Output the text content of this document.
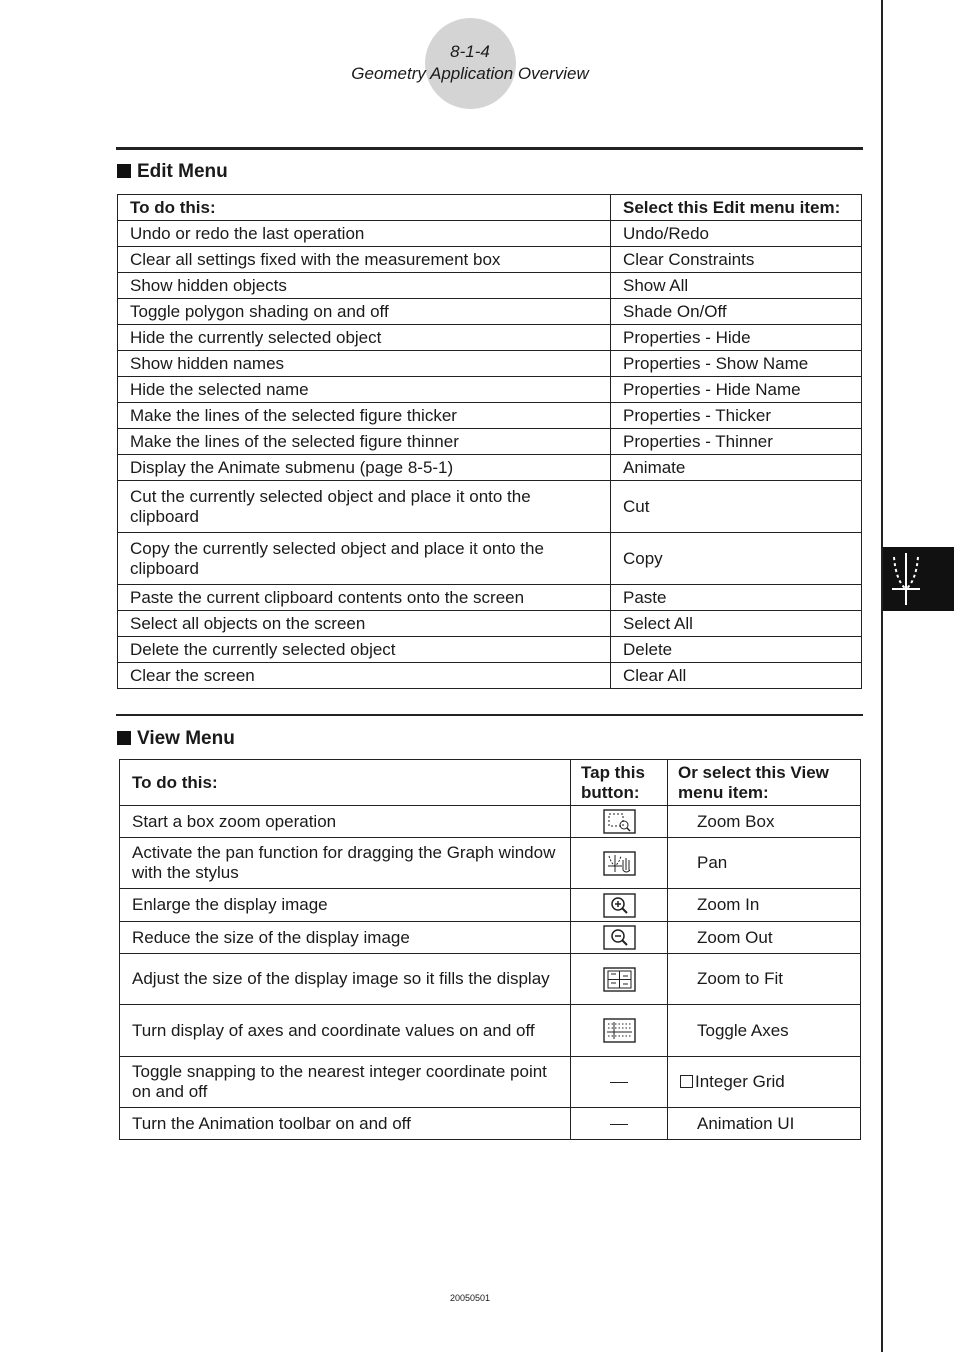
8-1-4
Geometry Application Overview
Edit Menu
To do this:	Select this Edit menu item:
Undo or redo the last operation	Undo/Redo
Clear all settings fixed with the measurement box	Clear Constraints
Show hidden objects	Show All
Toggle polygon shading on and off	Shade On/Off
Hide the currently selected object	Properties - Hide
Show hidden names	Properties - Show Name
Hide the selected name	Properties - Hide Name
Make the lines of the selected figure thicker	Properties - Thicker
Make the lines of the selected figure thinner	Properties - Thinner
Display the Animate submenu (page 8-5-1)	Animate
Cut the currently selected object and place it onto the clipboard	Cut
Copy the currently selected object and place it onto the clipboard	Copy
Paste the current clipboard contents onto the screen	Paste
Select all objects on the screen	Select All
Delete the currently selected object	Delete
Clear the screen	Clear All
View Menu
To do this:	Tap this button:	Or select this View menu item:
Start a box zoom operation		Zoom Box
Activate the pan function for dragging the Graph window with the stylus		Pan
Enlarge the display image		Zoom In
Reduce the size of the display image		Zoom Out
Adjust the size of the display image so it fills the display		Zoom to Fit
Turn display of axes and coordinate values on and off		Toggle Axes
Toggle snapping to the nearest integer coordinate point on and off		Integer Grid
Turn the Animation toolbar on and off		Animation UI
20050501
